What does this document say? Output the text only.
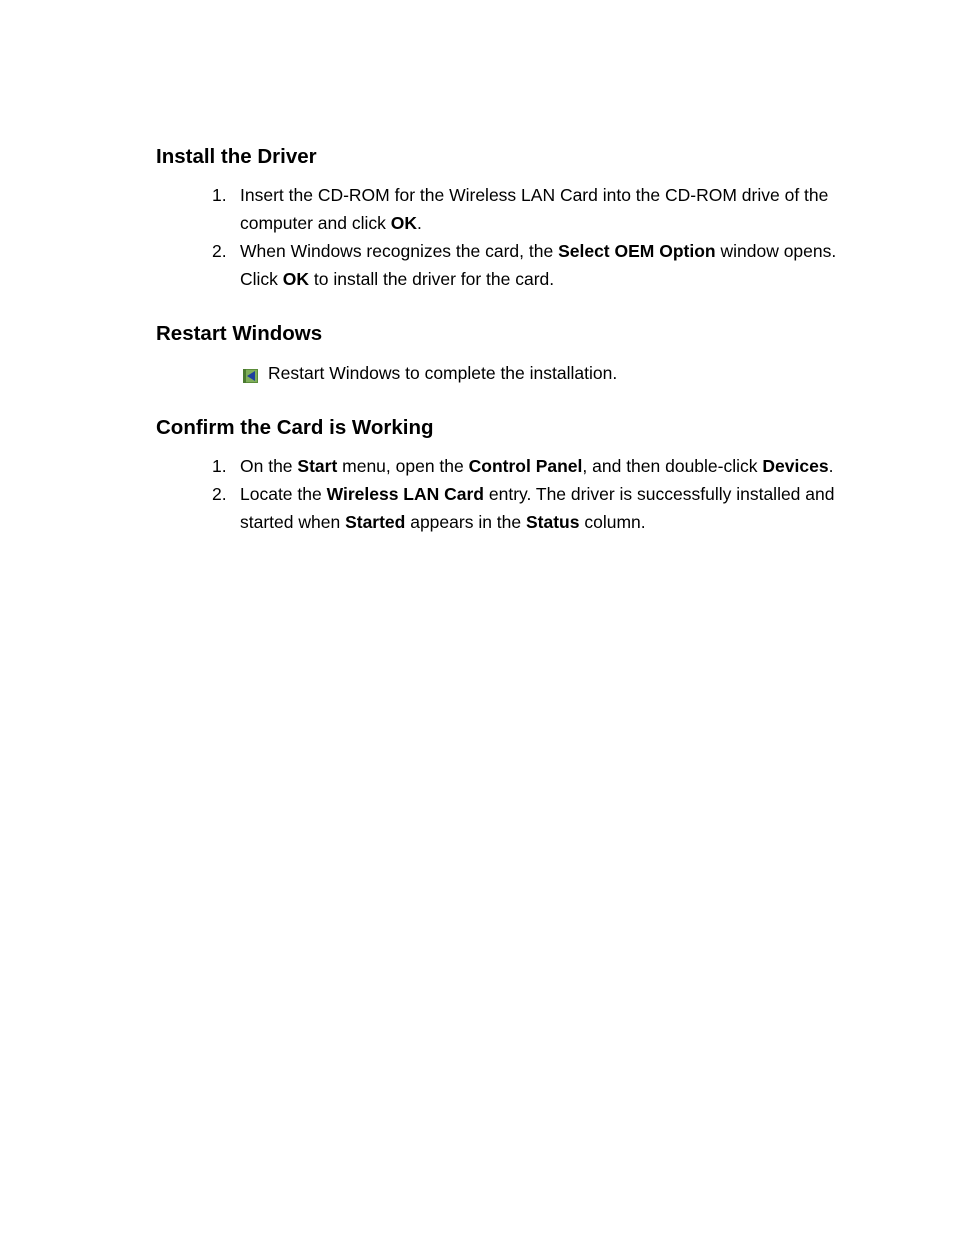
Install the Driver
1. Insert the CD-ROM for the Wireless LAN Card into the CD-ROM drive of the computer and click OK.
2. When Windows recognizes the card, the Select OEM Option window opens. Click OK to install the driver for the card.
Restart Windows
Restart Windows to complete the installation.
Confirm the Card is Working
1. On the Start menu, open the Control Panel, and then double-click Devices.
2. Locate the Wireless LAN Card entry. The driver is successfully installed and started when Started appears in the Status column.
